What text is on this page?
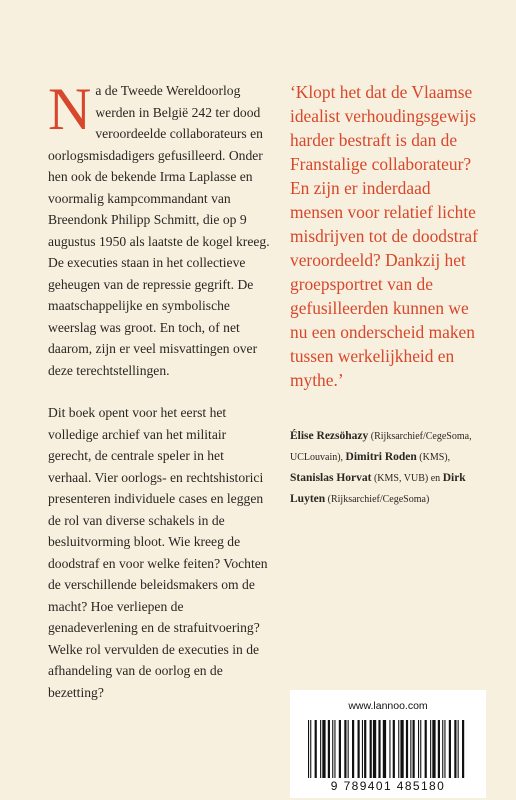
Na de Tweede Wereldoorlog werden in België 242 ter dood veroordeelde collaborateurs en oorlogsmisdadigers gefusilleerd. Onder hen ook de bekende Irma Laplasse en voormalig kampcommandant van Breendonk Philipp Schmitt, die op 9 augustus 1950 als laatste de kogel kreeg. De executies staan in het collectieve geheugen van de repressie gegrift. De maatschappelijke en symbolische weerslag was groot. En toch, of net daarom, zijn er veel misvattingen over deze terechtstellingen.

Dit boek opent voor het eerst het volledige archief van het militair gerecht, de centrale speler in het verhaal. Vier oorlogs- en rechtshistorici presenteren individuele cases en leggen de rol van diverse schakels in de besluitvorming bloot. Wie kreeg de doodstraf en voor welke feiten? Vochten de verschillende beleidsmakers om de macht? Hoe verliepen de genadeverlening en de strafuitvoering? Welke rol vervulden de executies in de afhandeling van de oorlog en de bezetting?

‘Klopt het dat de Vlaamse idealist verhoudingsgewijs harder bestraft is dan de Franstalige collaborateur? En zijn er inderdaad mensen voor relatief lichte misdrijven tot de doodstraf veroordeeld? Dankzij het groepsportret van de gefusilleerden kunnen we nu een onderscheid maken tussen werkelijkheid en mythe.’

Élise Rezsöhazy (Rijksarchief/CegeSoma, UCLouvain), Dimitri Roden (KMS), Stanislas Horvat (KMS, VUB) en Dirk Luyten (Rijksarchief/CegeSoma)

www.lannoo.com
9 789401 485180
